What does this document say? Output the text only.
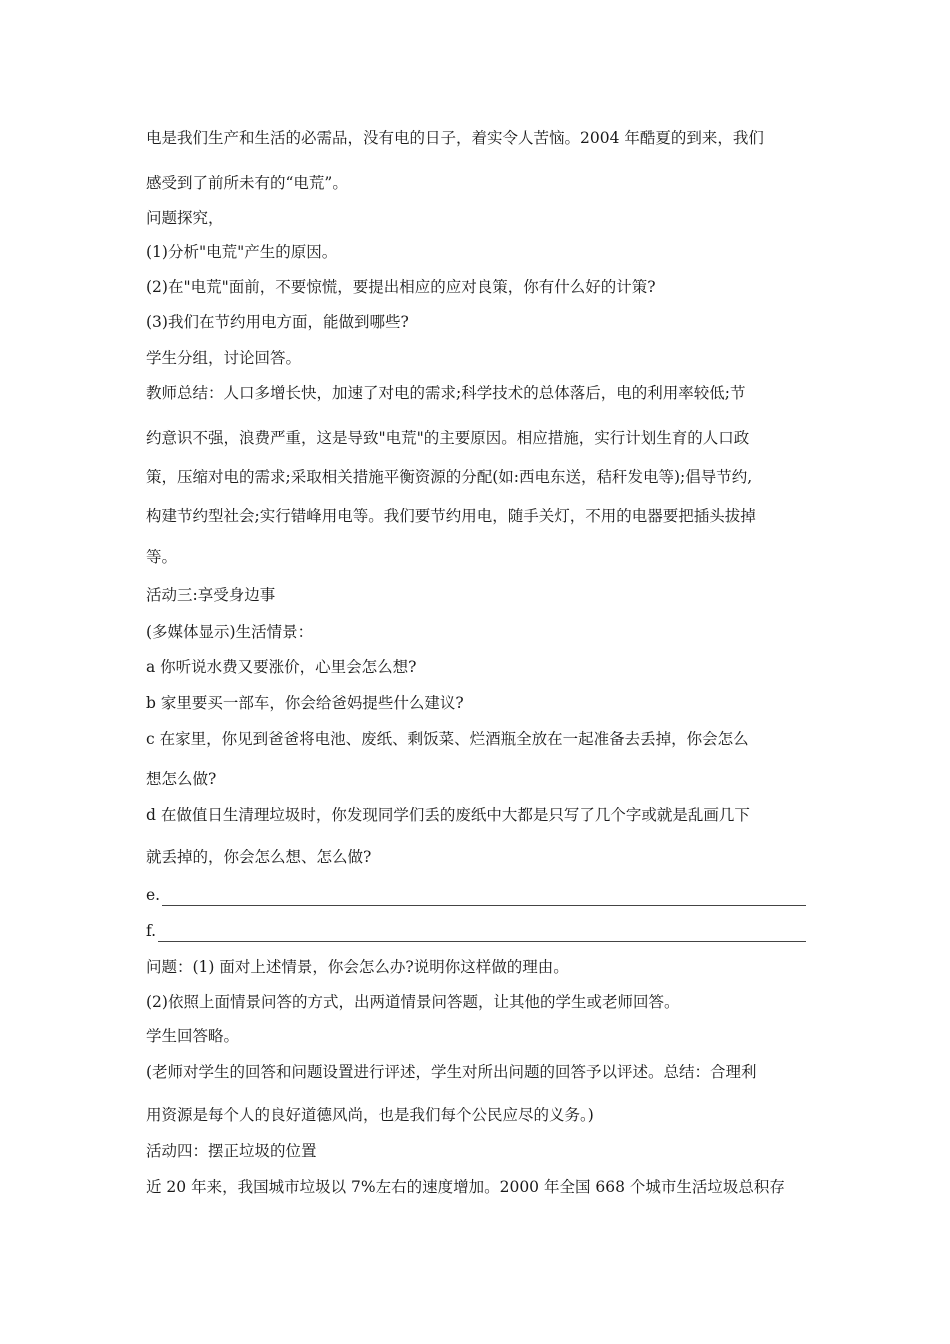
电是我们生产和生活的必需品，没有电的日子，着实令人苦恼。2004 年酷夏的到来，我们
感受到了前所未有的“电荒”。
问题探究，
(1)分析"电荒"产生的原因。
(2)在"电荒"面前，不要惊慌，要提出相应的应对良策，你有什么好的计策?
(3)我们在节约用电方面，能做到哪些?
学生分组，讨论回答。
教师总结：人口多增长快，加速了对电的需求;科学技术的总体落后，电的利用率较低;节
约意识不强，浪费严重，这是导致"电荒"的主要原因。相应措施，实行计划生育的人口政
策，压缩对电的需求;采取相关措施平衡资源的分配(如:西电东送，秸秆发电等);倡导节约,
构建节约型社会;实行错峰用电等。我们要节约用电，随手关灯，不用的电器要把插头拔掉
等。
活动三:享受身边事
(多媒体显示)生活情景：
a 你听说水费又要涨价，心里会怎么想?
b 家里要买一部车，你会给爸妈提些什么建议?
c 在家里，你见到爸爸将电池、废纸、剩饭菜、烂酒瓶全放在一起准备去丢掉，你会怎么
想怎么做?
d 在做值日生清理垃圾时，你发现同学们丢的废纸中大都是只写了几个字或就是乱画几下
就丢掉的，你会怎么想、怎么做?
e.
f.
问题：(1) 面对上述情景，你会怎么办?说明你这样做的理由。
(2)依照上面情景问答的方式，出两道情景问答题，让其他的学生或老师回答。
学生回答略。
(老师对学生的回答和问题设置进行评述，学生对所出问题的回答予以评述。总结：合理利
用资源是每个人的良好道德风尚，也是我们每个公民应尽的义务。)
活动四：摆正垃圾的位置
近 20 年来，我国城市垃圾以 7%左右的速度增加。2000 年全国 668 个城市生活垃圾总积存
